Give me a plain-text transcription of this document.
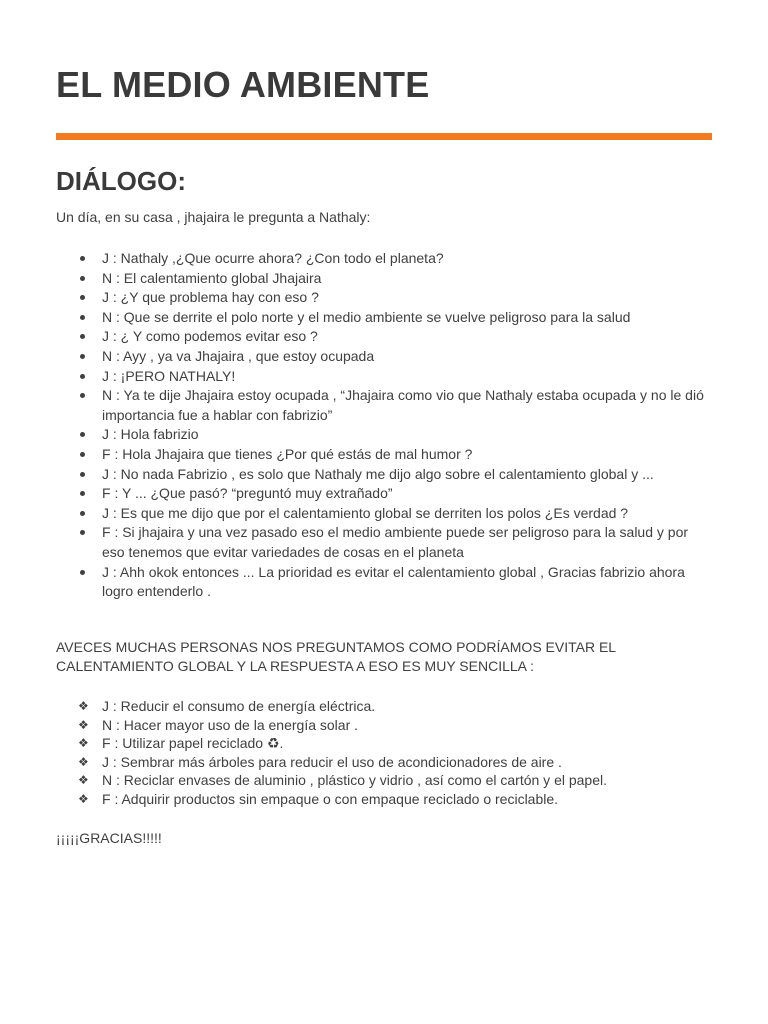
EL MEDIO AMBIENTE
DIÁLOGO:

Un día, en su casa , jhajaira le pregunta a Nathaly:

J : Nathaly ,¿Que ocurre ahora? ¿Con todo el planeta?
N : El calentamiento global Jhajaira
J : ¿Y que problema hay con eso ?
N : Que se derrite el polo norte y el medio ambiente se vuelve peligroso para la salud
J : ¿ Y como podemos evitar eso ?
N : Ayy , ya va Jhajaira , que estoy ocupada
J : ¡PERO NATHALY!
N : Ya te dije Jhajaira estoy ocupada , “Jhajaira como vio que Nathaly estaba ocupada y no le dió importancia fue a hablar con fabrizio”
J : Hola fabrizio
F : Hola Jhajaira que tienes ¿Por qué estás de mal humor ?
J : No nada Fabrizio , es solo que Nathaly me dijo algo sobre el calentamiento global y ...
F : Y ... ¿Que pasó? “preguntó muy extrañado”
J : Es que me dijo que por el calentamiento global se derriten los polos ¿Es verdad ?
F : Si jhajaira y una vez pasado eso el medio ambiente puede ser peligroso para la salud y por eso tenemos que evitar variedades de cosas en el planeta
J : Ahh okok entonces ... La prioridad es evitar el calentamiento global , Gracias fabrizio ahora logro entenderlo .

AVECES MUCHAS PERSONAS NOS PREGUNTAMOS COMO PODRÍAMOS EVITAR EL CALENTAMIENTO GLOBAL Y LA RESPUESTA A ESO ES MUY SENCILLA :

❖ J : Reducir el consumo de energía eléctrica.
❖ N : Hacer mayor uso de la energía solar .
❖ F : Utilizar papel reciclado ♻.
❖ J : Sembrar más árboles para reducir el uso de acondicionadores de aire .
❖ N : Reciclar envases de aluminio , plástico y vidrio , así como el cartón y el papel.
❖ F : Adquirir productos sin empaque o con empaque reciclado o reciclable.

¡¡¡¡¡GRACIAS!!!!!
